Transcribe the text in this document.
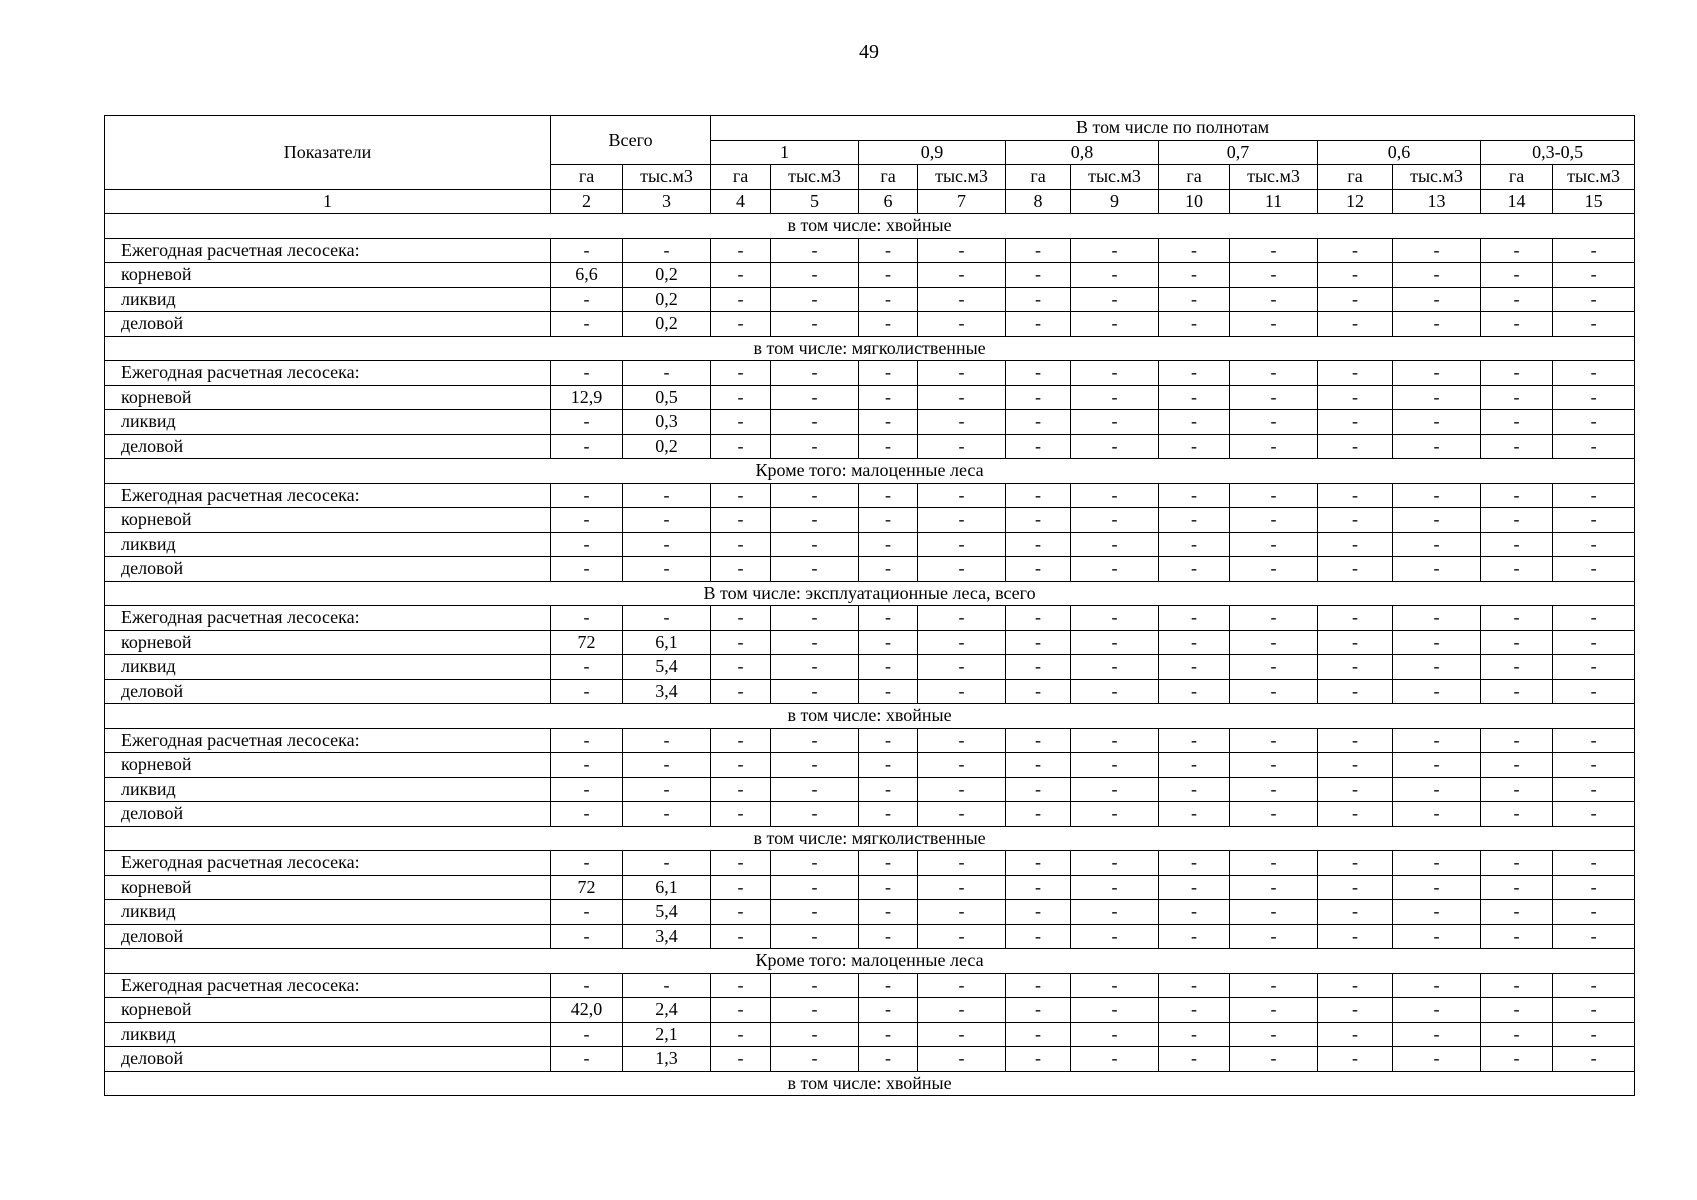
49
Показатели	Всего		В том числе по полнотам											
			1		0,9		0,8		0,7		0,6		0,3-0,5	
	га	тыс.м3	га	тыс.м3	га	тыс.м3	га	тыс.м3	га	тыс.м3	га	тыс.м3	га	тыс.м3
1	2	3	4	5	6	7	8	9	10	11	12	13	14	15
в том числе: хвойные														
Ежегодная расчетная лесосека:	-	-	-	-	-	-	-	-	-	-	-	-	-	-
корневой	6,6	0,2	-	-	-	-	-	-	-	-	-	-	-	-
ликвид	-	0,2	-	-	-	-	-	-	-	-	-	-	-	-
деловой	-	0,2	-	-	-	-	-	-	-	-	-	-	-	-
в том числе: мягколиственные														
Ежегодная расчетная лесосека:	-	-	-	-	-	-	-	-	-	-	-	-	-	-
корневой	12,9	0,5	-	-	-	-	-	-	-	-	-	-	-	-
ликвид	-	0,3	-	-	-	-	-	-	-	-	-	-	-	-
деловой	-	0,2	-	-	-	-	-	-	-	-	-	-	-	-
Кроме того: малоценные леса														
Ежегодная расчетная лесосека:	-	-	-	-	-	-	-	-	-	-	-	-	-	-
корневой	-	-	-	-	-	-	-	-	-	-	-	-	-	-
ликвид	-	-	-	-	-	-	-	-	-	-	-	-	-	-
деловой	-	-	-	-	-	-	-	-	-	-	-	-	-	-
В том числе: эксплуатационные леса, всего														
Ежегодная расчетная лесосека:	-	-	-	-	-	-	-	-	-	-	-	-	-	-
корневой	72	6,1	-	-	-	-	-	-	-	-	-	-	-	-
ликвид	-	5,4	-	-	-	-	-	-	-	-	-	-	-	-
деловой	-	3,4	-	-	-	-	-	-	-	-	-	-	-	-
в том числе: хвойные														
Ежегодная расчетная лесосека:	-	-	-	-	-	-	-	-	-	-	-	-	-	-
корневой	-	-	-	-	-	-	-	-	-	-	-	-	-	-
ликвид	-	-	-	-	-	-	-	-	-	-	-	-	-	-
деловой	-	-	-	-	-	-	-	-	-	-	-	-	-	-
в том числе: мягколиственные														
Ежегодная расчетная лесосека:	-	-	-	-	-	-	-	-	-	-	-	-	-	-
корневой	72	6,1	-	-	-	-	-	-	-	-	-	-	-	-
ликвид	-	5,4	-	-	-	-	-	-	-	-	-	-	-	-
деловой	-	3,4	-	-	-	-	-	-	-	-	-	-	-	-
Кроме того: малоценные леса														
Ежегодная расчетная лесосека:	-	-	-	-	-	-	-	-	-	-	-	-	-	-
корневой	42,0	2,4	-	-	-	-	-	-	-	-	-	-	-	-
ликвид	-	2,1	-	-	-	-	-	-	-	-	-	-	-	-
деловой	-	1,3	-	-	-	-	-	-	-	-	-	-	-	-
в том числе: хвойные														
